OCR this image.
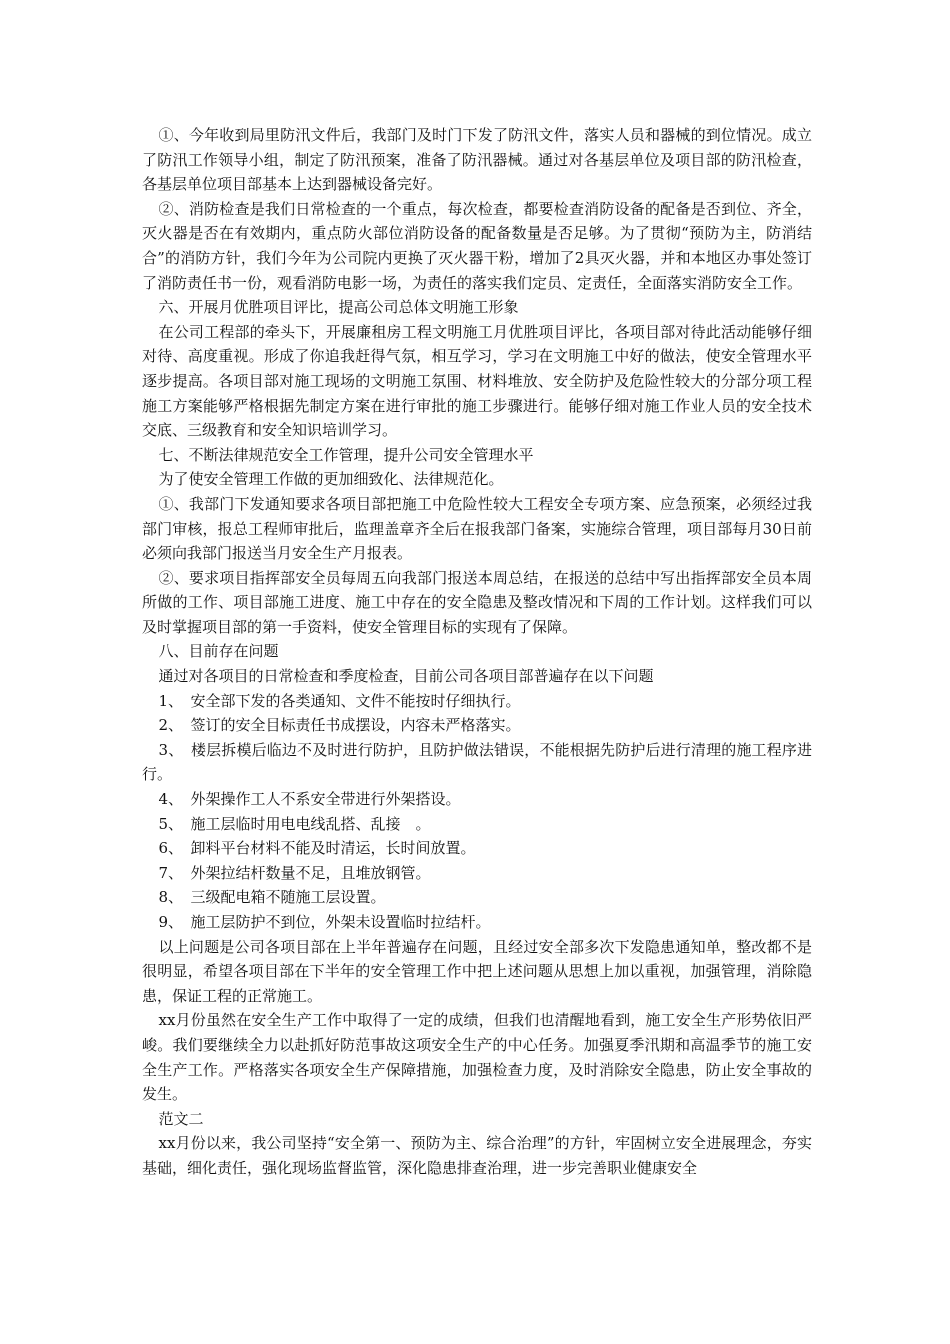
①、今年收到局里防汛文件后，我部门及时门下发了防汛文件，落实人员和器械的到位情况。成立了防汛工作领导小组，制定了防汛预案，准备了防汛器械。通过对各基层单位及项目部的防汛检查，各基层单位项目部基本上达到器械设备完好。

②、消防检查是我们日常检查的一个重点，每次检查，都要检查消防设备的配备是否到位、齐全，灭火器是否在有效期内，重点防火部位消防设备的配备数量是否足够。为了贯彻“预防为主，防消结合”的消防方针，我们今年为公司院内更换了灭火器干粉，增加了2具灭火器，并和本地区办事处签订了消防责任书一份，观看消防电影一场，为责任的落实我们定员、定责任，全面落实消防安全工作。

六、开展月优胜项目评比，提高公司总体文明施工形象

在公司工程部的牵头下，开展廉租房工程文明施工月优胜项目评比，各项目部对待此活动能够仔细对待、高度重视。形成了你追我赶得气氛，相互学习，学习在文明施工中好的做法，使安全管理水平逐步提高。各项目部对施工现场的文明施工氛围、材料堆放、安全防护及危险性较大的分部分项工程施工方案能够严格根据先制定方案在进行审批的施工步骤进行。能够仔细对施工作业人员的安全技术交底、三级教育和安全知识培训学习。

七、不断法律规范安全工作管理，提升公司安全管理水平

为了使安全管理工作做的更加细致化、法律规范化。

①、我部门下发通知要求各项目部把施工中危险性较大工程安全专项方案、应急预案，必须经过我部门审核，报总工程师审批后，监理盖章齐全后在报我部门备案，实施综合管理，项目部每月30日前必须向我部门报送当月安全生产月报表。

②、要求项目指挥部安全员每周五向我部门报送本周总结，在报送的总结中写出指挥部安全员本周所做的工作、项目部施工进度、施工中存在的安全隐患及整改情况和下周的工作计划。这样我们可以及时掌握项目部的第一手资料，使安全管理目标的实现有了保障。

八、目前存在问题

通过对各项目的日常检查和季度检查，目前公司各项目部普遍存在以下问题

1、　安全部下发的各类通知、文件不能按时仔细执行。

2、　签订的安全目标责任书成摆设，内容未严格落实。

3、　楼层拆模后临边不及时进行防护，且防护做法错误，不能根据先防护后进行清理的施工程序进行。

4、　外架操作工人不系安全带进行外架搭设。

5、　施工层临时用电电线乱搭、乱接　。

6、　卸料平台材料不能及时清运，长时间放置。

7、　外架拉结杆数量不足，且堆放钢管。

8、　三级配电箱不随施工层设置。

9、　施工层防护不到位，外架未设置临时拉结杆。

以上问题是公司各项目部在上半年普遍存在问题，且经过安全部多次下发隐患通知单，整改都不是很明显，希望各项目部在下半年的安全管理工作中把上述问题从思想上加以重视，加强管理，消除隐患，保证工程的正常施工。

xx月份虽然在安全生产工作中取得了一定的成绩，但我们也清醒地看到，施工安全生产形势依旧严峻。我们要继续全力以赴抓好防范事故这项安全生产的中心任务。加强夏季汛期和高温季节的施工安全生产工作。严格落实各项安全生产保障措施，加强检查力度，及时消除安全隐患，防止安全事故的发生。

范文二

xx月份以来，我公司坚持“安全第一、预防为主、综合治理”的方针，牢固树立安全进展理念，夯实基础，细化责任，强化现场监督监管，深化隐患排查治理，进一步完善职业健康安全
